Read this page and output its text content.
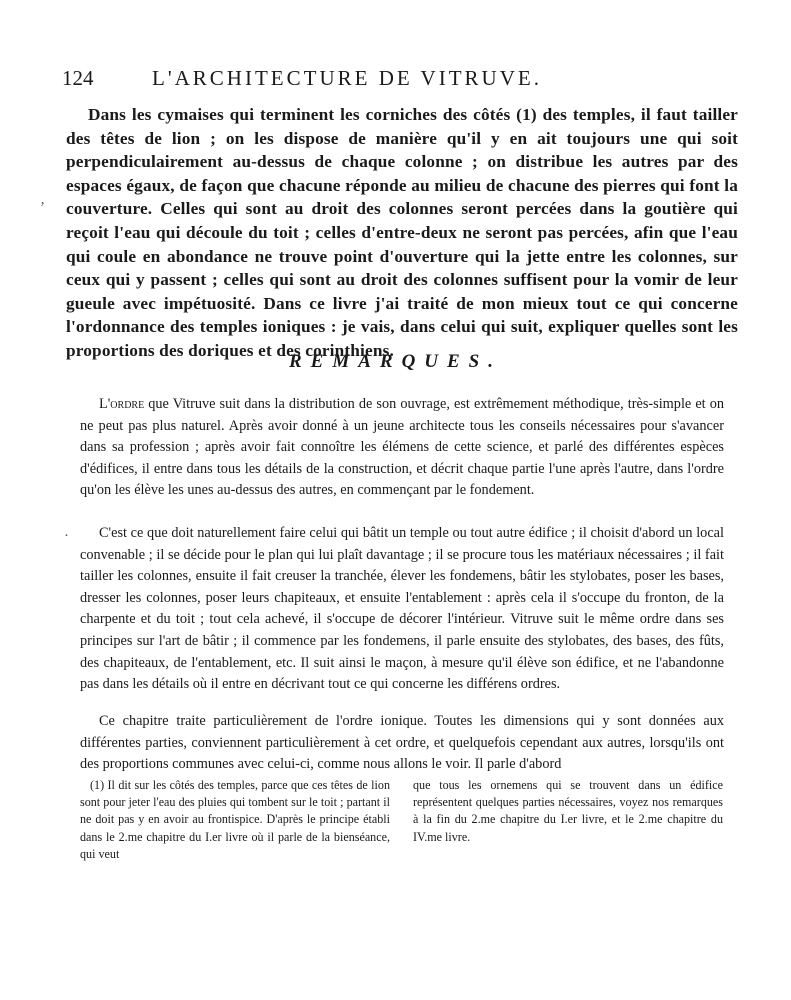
124	L'ARCHITECTURE DE VITRUVE.

Dans les cymaises qui terminent les corniches des côtés (1) des temples, il faut tailler des têtes de lion ; on les dispose de manière qu'il y en ait toujours une qui soit perpendiculairement au-dessus de chaque colonne ; on distribue les autres par des espaces égaux, de façon que chacune réponde au milieu de chacune des pierres qui font la couverture. Celles qui sont au droit des colonnes seront percées dans la goutière qui reçoit l'eau qui découle du toit ; celles d'entre-deux ne seront pas percées, afin que l'eau qui coule en abondance ne trouve point d'ouverture qui la jette entre les colonnes, sur ceux qui y passent ; celles qui sont au droit des colonnes suffisent pour la vomir de leur gueule avec impétuosité. Dans ce livre j'ai traité de mon mieux tout ce qui concerne l'ordonnance des temples ioniques : je vais, dans celui qui suit, expliquer quelles sont les proportions des doriques et des corinthiens.

ʼ
REMARQUES.

L'ordre que Vitruve suit dans la distribution de son ouvrage, est extrêmement méthodique, très-simple et on ne peut pas plus naturel. Après avoir donné à un jeune architecte tous les conseils nécessaires pour s'avancer dans sa profession ; après avoir fait connoître les élémens de cette science, et parlé des différentes espèces d'édifices, il entre dans tous les détails de la construction, et décrit chaque partie l'une après l'autre, dans l'ordre qu'on les élève les unes au-dessus des autres, en commençant par le fondement.

·	C'est ce que doit naturellement faire celui qui bâtit un temple ou tout autre édifice ; il choisit d'abord un local convenable ; il se décide pour le plan qui lui plaît davantage ; il se procure tous les matériaux nécessaires ; il fait tailler les colonnes, ensuite il fait creuser la tranchée, élever les fondemens, bâtir les stylobates, poser les bases, dresser les colonnes, poser leurs chapiteaux, et ensuite l'entablement : après cela il s'occupe du fronton, de la charpente et du toit ; tout cela achevé, il s'occupe de décorer l'intérieur. Vitruve suit le même ordre dans ses principes sur l'art de bâtir ; il commence par les fondemens, il parle ensuite des stylobates, des bases, des fûts, des chapiteaux, de l'entablement, etc. Il suit ainsi le maçon, à mesure qu'il élève son édifice, et ne l'abandonne pas dans les détails où il entre en décrivant tout ce qui concerne les différens ordres.

Ce chapitre traite particulièrement de l'ordre ionique. Toutes les dimensions qui y sont données aux différentes parties, conviennent particulièrement à cet ordre, et quelquefois cependant aux autres, lorsqu'ils ont des proportions communes avec celui-ci, comme nous allons le voir. Il parle d'abord

(1) Il dit sur les côtés des temples, parce que ces têtes de lion sont pour jeter l'eau des pluies qui tombent sur le toit ; partant il ne doit pas y en avoir au frontispice. D'après le principe établi dans le 2.me chapitre du I.er livre où il parle de la bienséance, qui veut

que tous les ornemens qui se trouvent dans un édifice représentent quelques parties nécessaires, voyez nos remarques à la fin du 2.me chapitre du I.er livre, et le 2.me chapitre du IV.me livre.
